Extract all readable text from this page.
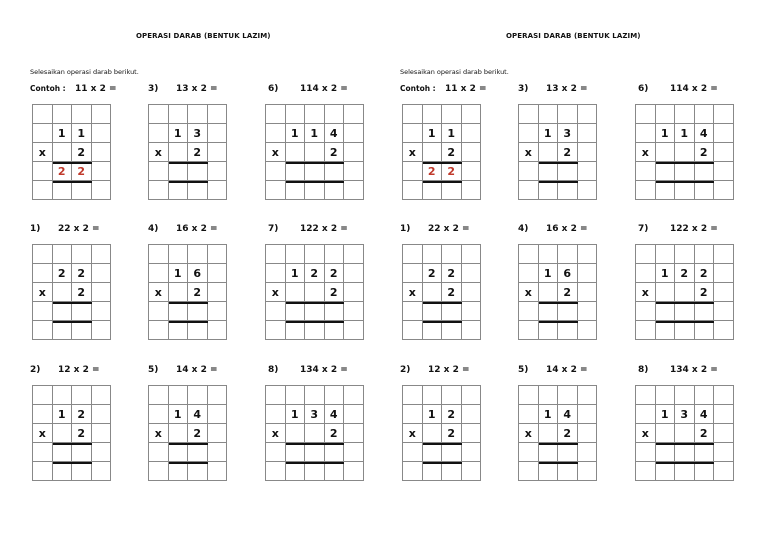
OPERASI DARAB (BENTUK LAZIM)
Selesaikan operasi darab berikut.
Contoh : 11 x 2 =
1	1
x	2
2	2
3) 13 x 2 =
1	3
x	2
6) 114 x 2 =
1	1	4
x	2
1) 22 x 2 =
2	2
x	2
4) 16 x 2 =
1	6
x	2
7) 122 x 2 =
1	2	2
x	2
2) 12 x 2 =
1	2
x	2
5) 14 x 2 =
1	4
x	2
8) 134 x 2 =
1	3	4
x	2
OPERASI DARAB (BENTUK LAZIM)
Selesaikan operasi darab berikut.
Contoh : 11 x 2 =
1	1
x	2
2	2
3) 13 x 2 =
1	3
x	2
6) 114 x 2 =
1	1	4
x	2
1) 22 x 2 =
2	2
x	2
4) 16 x 2 =
1	6
x	2
7) 122 x 2 =
1	2	2
x	2
2) 12 x 2 =
1	2
x	2
5) 14 x 2 =
1	4
x	2
8) 134 x 2 =
1	3	4
x	2
